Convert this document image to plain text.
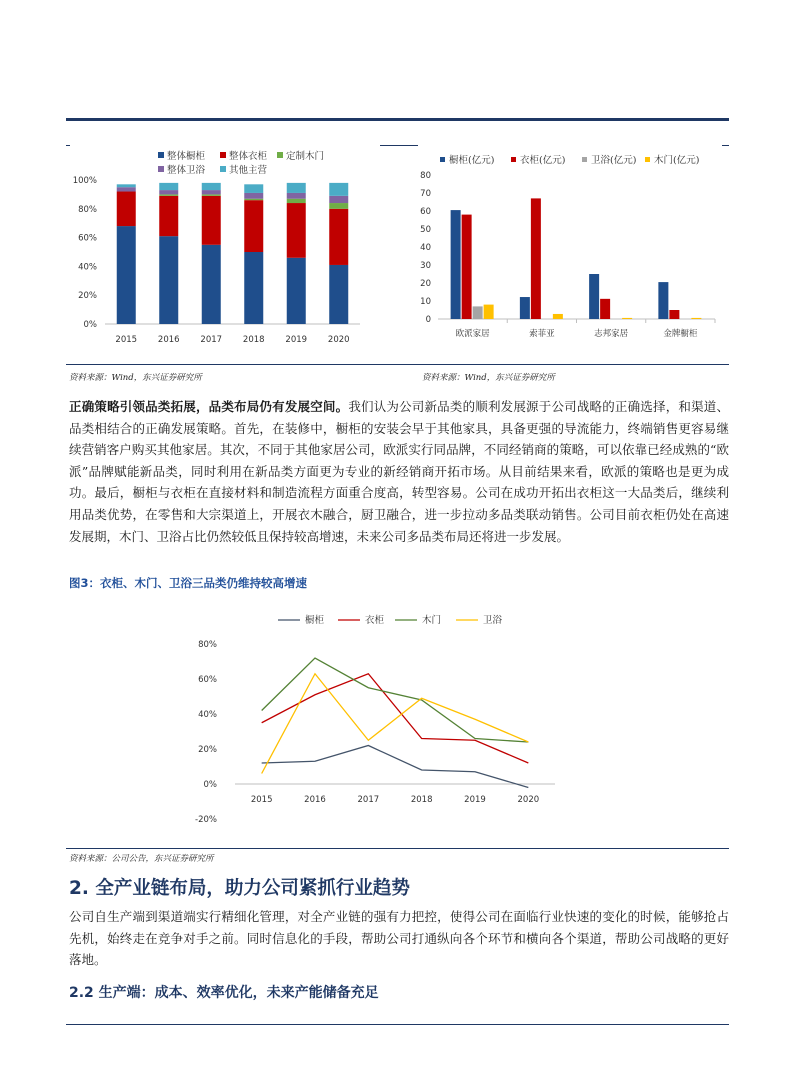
0%
20%
40%
60%
80%
100%
2015 2016 2017 2018 2019 2020
整体橱柜	整体衣柜 定制木门
整体卫浴	其他主营
0
10
20
30
40
50
60
70
80
欧派家居	索菲亚	志邦家居	金牌橱柜
橱柜(亿元)	衣柜(亿元)	卫浴(亿元) 木门(亿元)
资料来源：Wind，东兴证券研究所	资料来源：Wind，东兴证券研究所

正确策略引领品类拓展，品类布局仍有发展空间。我们认为公司新品类的顺利发展源于公司战略的正确选择，和渠道、品类相结合的正确发展策略。首先，在装修中，橱柜的安装会早于其他家具，具备更强的导流能力，终端销售更容易继续营销客户购买其他家居。其次，不同于其他家居公司，欧派实行同品牌，不同经销商的策略，可以依靠已经成熟的“欧派”品牌赋能新品类，同时利用在新品类方面更为专业的新经销商开拓市场。从目前结果来看，欧派的策略也是更为成功。最后，橱柜与衣柜在直接材料和制造流程方面重合度高，转型容易。公司在成功开拓出衣柜这一大品类后，继续利用品类优势，在零售和大宗渠道上，开展衣木融合，厨卫融合，进一步拉动多品类联动销售。公司目前衣柜仍处在高速发展期，木门、卫浴占比仍然较低且保持较高增速，未来公司多品类布局还将进一步发展。

图3：衣柜、木门、卫浴三品类仍维持较高增速
-20%
0%
20%
40%
60%
80%
2015	2016	2017	2018	2019	2020
橱柜	衣柜	木门	卫浴
资料来源：公司公告，东兴证券研究所
2. 全产业链布局，助力公司紧抓行业趋势

公司自生产端到渠道端实行精细化管理，对全产业链的强有力把控，使得公司在面临行业快速的变化的时候，能够抢占先机，始终走在竞争对手之前。同时信息化的手段，帮助公司打通纵向各个环节和横向各个渠道，帮助公司战略的更好落地。

2.2 生产端：成本、效率优化，未来产能储备充足
